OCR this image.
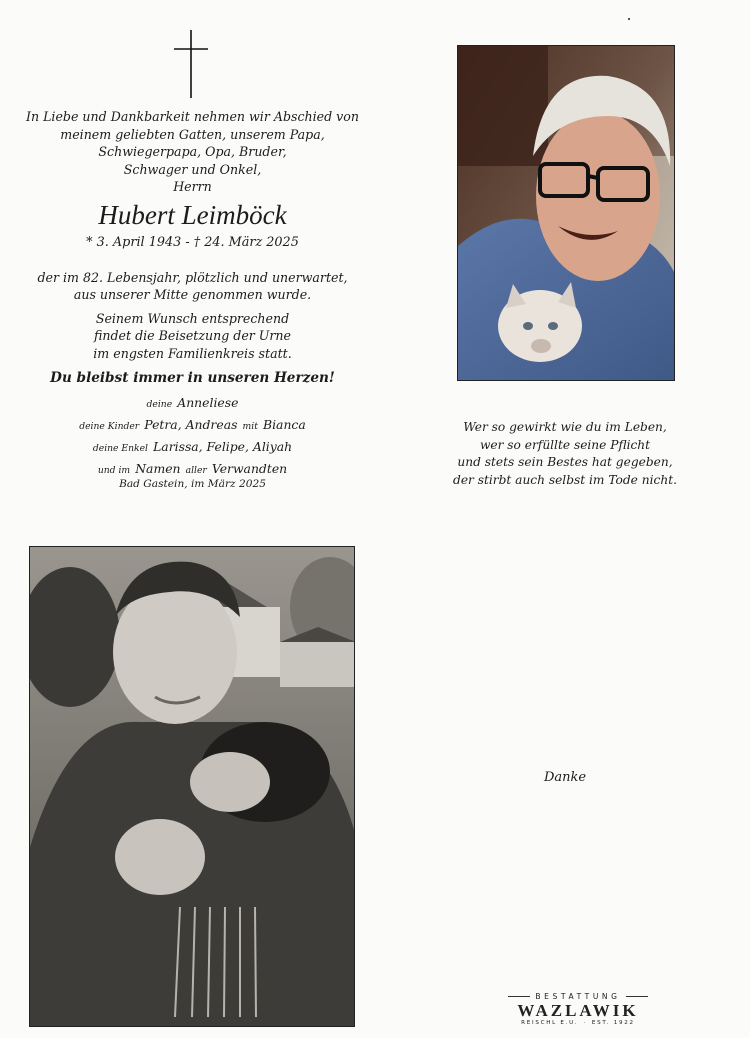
In Liebe und Dankbarkeit nehmen wir Abschied von
meinem geliebten Gatten, unserem Papa,
Schwiegerpapa, Opa, Bruder,
Schwager und Onkel,
Herrn
Hubert Leimböck
* 3. April 1943 - † 24. März 2025
der im 82. Lebensjahr, plötzlich und unerwartet,
aus unserer Mitte genommen wurde.
Seinem Wunsch entsprechend
findet die Beisetzung der Urne
im engsten Familienkreis statt.
Du bleibst immer in unseren Herzen!
deine Anneliese
deine Kinder Petra, Andreas mit Bianca
deine Enkel Larissa, Felipe, Aliyah
und im Namen aller Verwandten
Bad Gastein, im März 2025
Wer so gewirkt wie du im Leben,
wer so erfüllte seine Pflicht
und stets sein Bestes hat gegeben,
der stirbt auch selbst im Tode nicht.
Danke
BESTATTUNG
WAZLAWIK
REISCHL E.U. · EST. 1922
